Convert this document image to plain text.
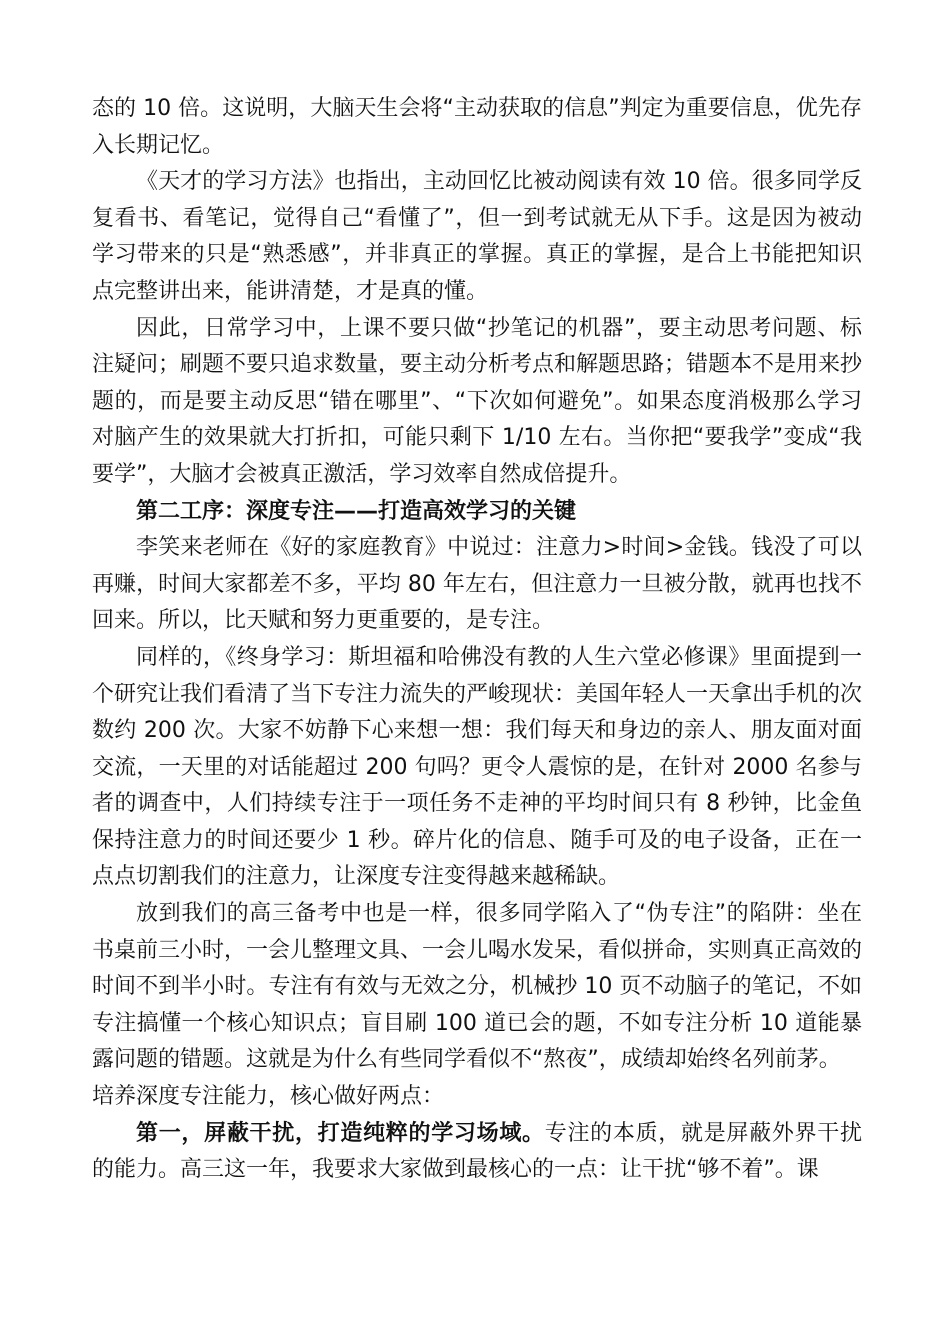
态的 10 倍。这说明，大脑天生会将“主动获取的信息”判定为重要信息，优先存入长期记忆。

《天才的学习方法》也指出，主动回忆比被动阅读有效 10 倍。很多同学反复看书、看笔记，觉得自己“看懂了”，但一到考试就无从下手。这是因为被动学习带来的只是“熟悉感”，并非真正的掌握。真正的掌握，是合上书能把知识点完整讲出来，能讲清楚，才是真的懂。

因此，日常学习中，上课不要只做“抄笔记的机器”，要主动思考问题、标注疑问；刷题不要只追求数量，要主动分析考点和解题思路；错题本不是用来抄题的，而是要主动反思“错在哪里”、“下次如何避免”。如果态度消极那么学习对脑产生的效果就大打折扣，可能只剩下 1/10 左右。当你把“要我学”变成“我要学”，大脑才会被真正激活，学习效率自然成倍提升。

第二工序：深度专注——打造高效学习的关键

李笑来老师在《好的家庭教育》中说过：注意力>时间>金钱。钱没了可以再赚，时间大家都差不多，平均 80 年左右，但注意力一旦被分散，就再也找不回来。所以，比天赋和努力更重要的，是专注。

同样的，《终身学习：斯坦福和哈佛没有教的人生六堂必修课》里面提到一个研究让我们看清了当下专注力流失的严峻现状：美国年轻人一天拿出手机的次数约 200 次。大家不妨静下心来想一想：我们每天和身边的亲人、朋友面对面交流，一天里的对话能超过 200 句吗？更令人震惊的是，在针对 2000 名参与者的调查中，人们持续专注于一项任务不走神的平均时间只有 8 秒钟，比金鱼保持注意力的时间还要少 1 秒。碎片化的信息、随手可及的电子设备，正在一点点切割我们的注意力，让深度专注变得越来越稀缺。

放到我们的高三备考中也是一样，很多同学陷入了“伪专注”的陷阱：坐在书桌前三小时，一会儿整理文具、一会儿喝水发呆，看似拼命，实则真正高效的时间不到半小时。专注有有效与无效之分，机械抄 10 页不动脑子的笔记，不如专注搞懂一个核心知识点；盲目刷 100 道已会的题，不如专注分析 10 道能暴露问题的错题。这就是为什么有些同学看似不“熬夜”，成绩却始终名列前茅。

培养深度专注能力，核心做好两点：

第一，屏蔽干扰，打造纯粹的学习场域。专注的本质，就是屏蔽外界干扰的能力。高三这一年，我要求大家做到最核心的一点：让干扰“够不着”。课
